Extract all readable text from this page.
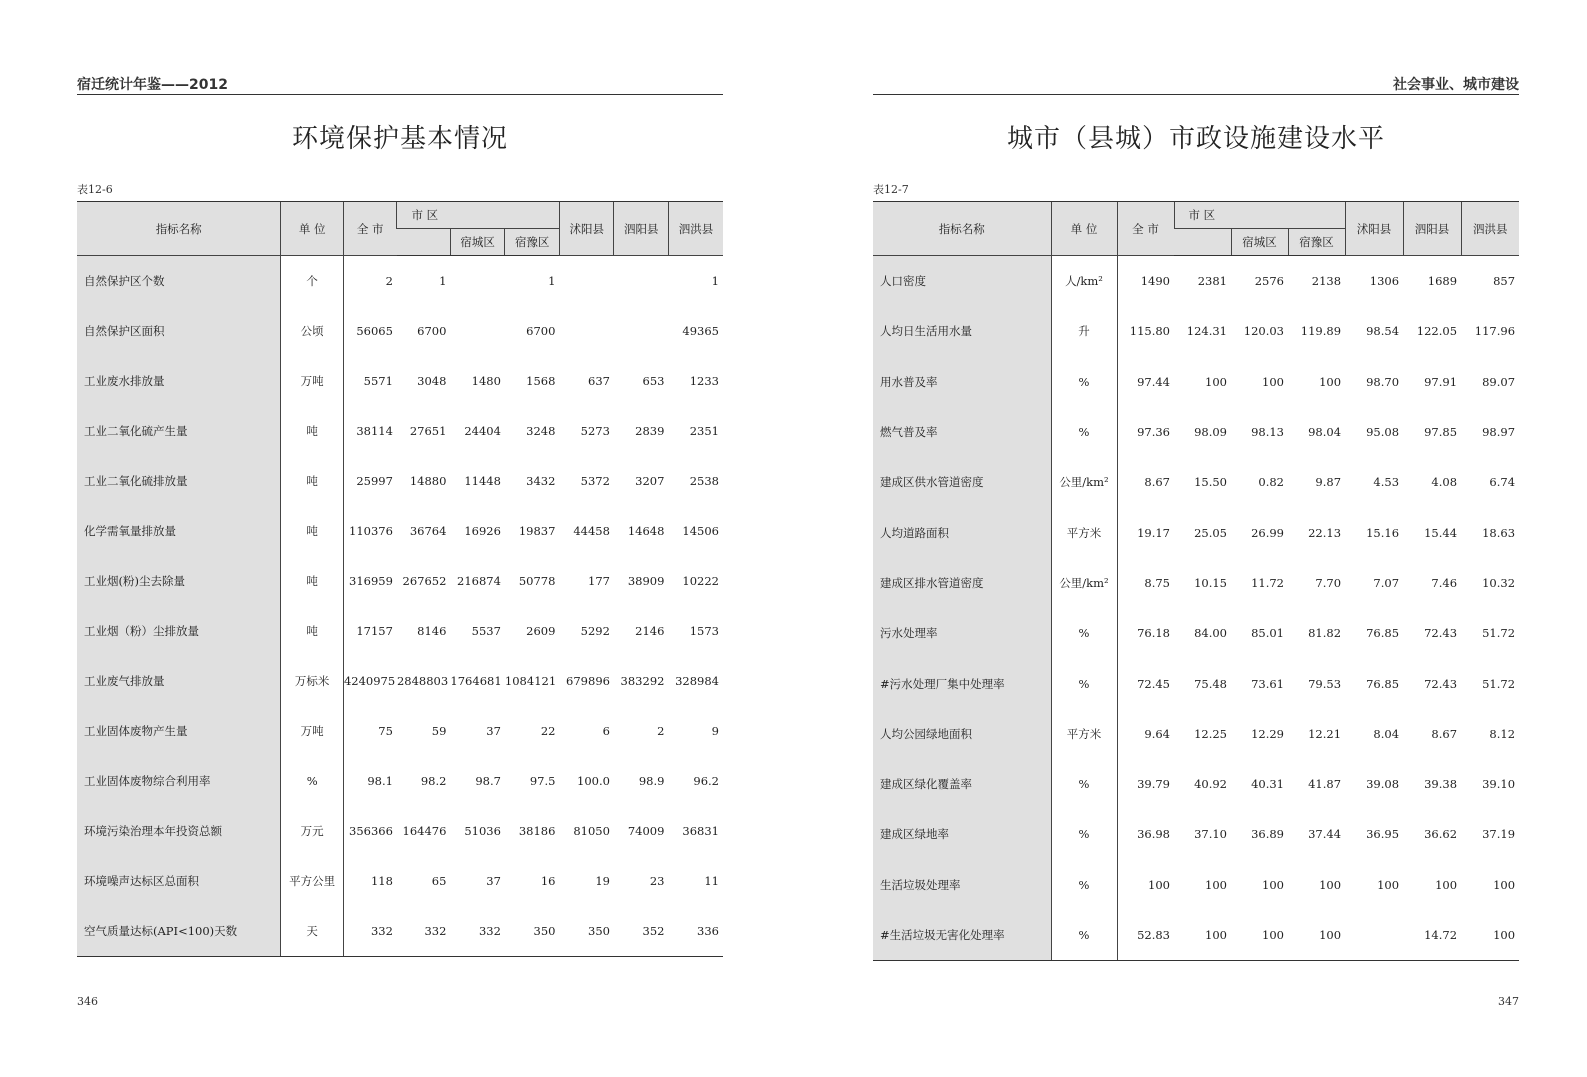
宿迁统计年鉴——2012
环境保护基本情况
表12-6
指标名称	单 位	全 市	市 区			沭阳县	泗阳县	泗洪县
				宿城区	宿豫区			
自然保护区个数	个	2	1		1			1
自然保护区面积	公顷	56065	6700		6700			49365
工业废水排放量	万吨	5571	3048	1480	1568	637	653	1233
工业二氧化硫产生量	吨	38114	27651	24404	3248	5273	2839	2351
工业二氧化硫排放量	吨	25997	14880	11448	3432	5372	3207	2538
化学需氧量排放量	吨	110376	36764	16926	19837	44458	14648	14506
工业烟(粉)尘去除量	吨	316959	267652	216874	50778	177	38909	10222
工业烟（粉）尘排放量	吨	17157	8146	5537	2609	5292	2146	1573
工业废气排放量	万标米	4240975	2848803	1764681	1084121	679896	383292	328984
工业固体废物产生量	万吨	75	59	37	22	6	2	9
工业固体废物综合利用率	%	98.1	98.2	98.7	97.5	100.0	98.9	96.2
环境污染治理本年投资总额	万元	356366	164476	51036	38186	81050	74009	36831
环境噪声达标区总面积	平方公里	118	65	37	16	19	23	11
空气质量达标(API<100)天数	天	332	332	332	350	350	352	336
346
社会事业、城市建设
城市（县城）市政设施建设水平
表12-7
指标名称	单 位	全 市	市 区			沭阳县	泗阳县	泗洪县
				宿城区	宿豫区			
人口密度	人/km²	1490	2381	2576	2138	1306	1689	857
人均日生活用水量	升	115.80	124.31	120.03	119.89	98.54	122.05	117.96
用水普及率	%	97.44	100	100	100	98.70	97.91	89.07
燃气普及率	%	97.36	98.09	98.13	98.04	95.08	97.85	98.97
建成区供水管道密度	公里/km²	8.67	15.50	0.82	9.87	4.53	4.08	6.74
人均道路面积	平方米	19.17	25.05	26.99	22.13	15.16	15.44	18.63
建成区排水管道密度	公里/km²	8.75	10.15	11.72	7.70	7.07	7.46	10.32
污水处理率	%	76.18	84.00	85.01	81.82	76.85	72.43	51.72
#污水处理厂集中处理率	%	72.45	75.48	73.61	79.53	76.85	72.43	51.72
人均公园绿地面积	平方米	9.64	12.25	12.29	12.21	8.04	8.67	8.12
建成区绿化覆盖率	%	39.79	40.92	40.31	41.87	39.08	39.38	39.10
建成区绿地率	%	36.98	37.10	36.89	37.44	36.95	36.62	37.19
生活垃圾处理率	%	100	100	100	100	100	100	100
#生活垃圾无害化处理率	%	52.83	100	100	100		14.72	100
347
